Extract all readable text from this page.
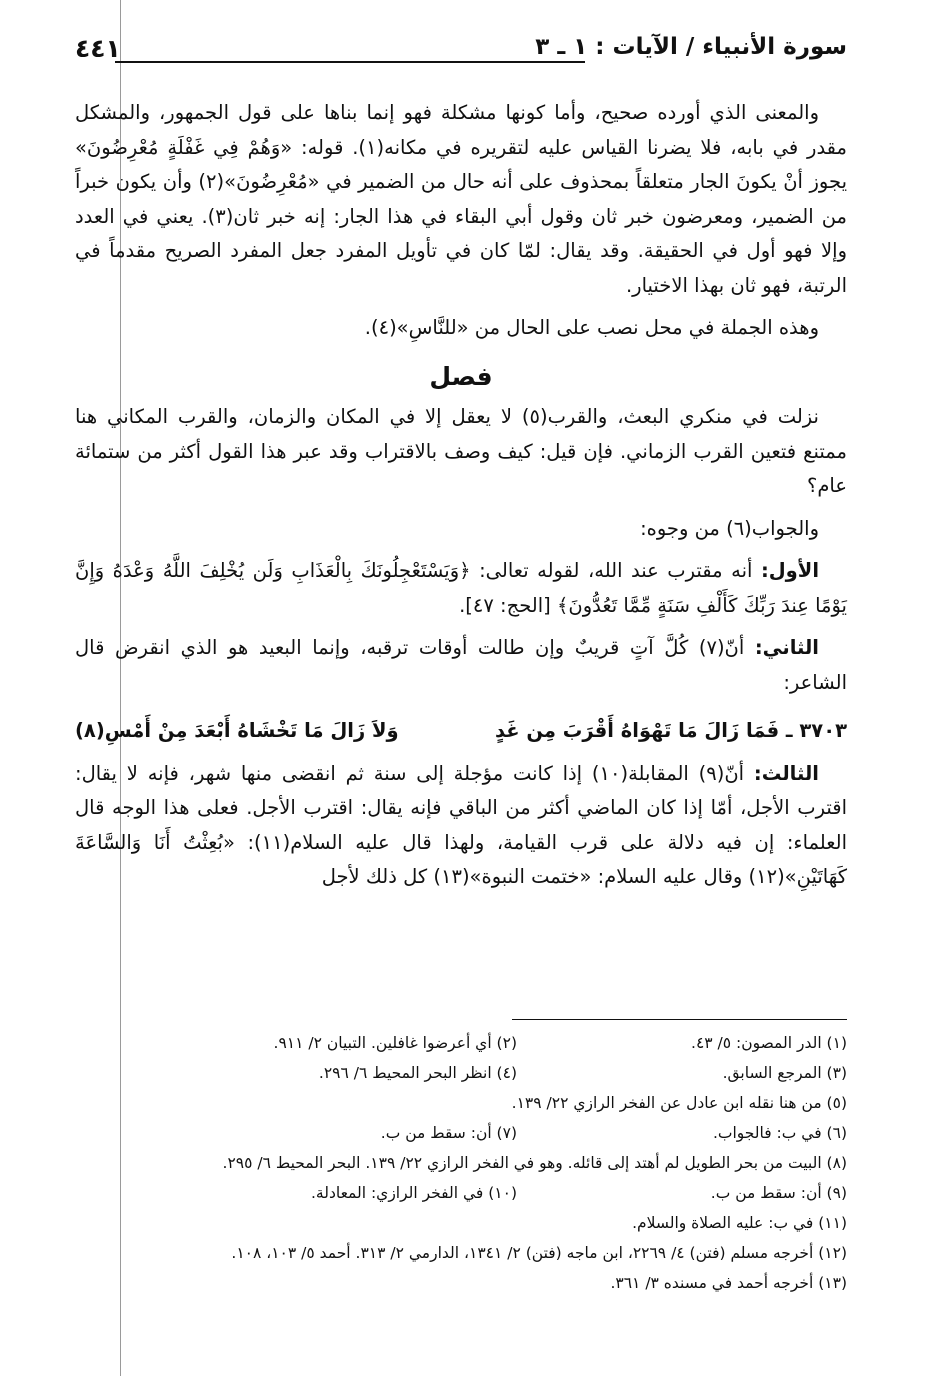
سورة الأنبياء / الآيات : ١ ـ ٣
٤٤١

والمعنى الذي أورده صحيح، وأما كونها مشكلة فهو إنما بناها على قول الجمهور، والمشكل مقدر في بابه، فلا يضرنا القياس عليه لتقريره في مكانه(١). قوله: «وَهُمْ فِي غَفْلَةٍ مُعْرِضُونَ» يجوز أنْ يكونَ الجار متعلقاً بمحذوف على أنه حال من الضمير في «مُعْرِضُونَ»(٢) وأن يكون خبراً من الضمير، ومعرضون خبر ثان وقول أبي البقاء في هذا الجار: إنه خبر ثان(٣). يعني في العدد وإلا فهو أول في الحقيقة. وقد يقال: لمّا كان في تأويل المفرد جعل المفرد الصريح مقدماً في الرتبة، فهو ثان بهذا الاختيار.

وهذه الجملة في محل نصب على الحال من «للنَّاسِ»(٤).

فصل

نزلت في منكري البعث، والقرب(٥) لا يعقل إلا في المكان والزمان، والقرب المكاني هنا ممتنع فتعين القرب الزماني. فإن قيل: كيف وصف بالاقتراب وقد عبر هذا القول أكثر من ستمائة عام؟

والجواب(٦) من وجوه:

الأول: أنه مقترب عند الله، لقوله تعالى: ﴿وَيَسْتَعْجِلُونَكَ بِالْعَذَابِ وَلَن يُخْلِفَ اللَّهُ وَعْدَهُ وَإِنَّ يَوْمًا عِندَ رَبِّكَ كَأَلْفِ سَنَةٍ مِّمَّا تَعُدُّونَ﴾ [الحج: ٤٧].

الثاني: أنّ(٧) كُلَّ آتٍ قريبٌ وإن طالت أوقات ترقبه، وإنما البعيد هو الذي انقرض قال الشاعر:

٣٧٠٣ ـ فَمَا زَالَ مَا تَهْوَاهُ أَقْرَبَ مِن غَدٍ
وَلاَ زَالَ مَا تَخْشَاهُ أَبْعَدَ مِنْ أَمْسِ(٨)

الثالث: أنّ(٩) المقابلة(١٠) إذا كانت مؤجلة إلى سنة ثم انقضى منها شهر، فإنه لا يقال: اقترب الأجل، أمّا إذا كان الماضي أكثر من الباقي فإنه يقال: اقترب الأجل. فعلى هذا الوجه قال العلماء: إن فيه دلالة على قرب القيامة، ولهذا قال عليه السلام(١١): «بُعِثْتُ أَنَا وَالسَّاعَةَ كَهَاتَيْنِ»(١٢) وقال عليه السلام: «ختمت النبوة»(١٣) كل ذلك لأجل

(١) الدر المصون: ٥/ ٤٣.
(٢) أي أعرضوا غافلين. التبيان ٢/ ٩١١.
(٣) المرجع السابق.
(٤) انظر البحر المحيط ٦/ ٢٩٦.
(٥) من هنا نقله ابن عادل عن الفخر الرازي ٢٢/ ١٣٩.
(٦) في ب: فالجواب.
(٧) أن: سقط من ب.
(٨) البيت من بحر الطويل لم أهتد إلى قائله. وهو في الفخر الرازي ٢٢/ ١٣٩. البحر المحيط ٦/ ٢٩٥.
(٩) أن: سقط من ب.
(١٠) في الفخر الرازي: المعادلة.
(١١) في ب: عليه الصلاة والسلام.
(١٢) أخرجه مسلم (فتن) ٤/ ٢٢٦٩، ابن ماجه (فتن) ٢/ ١٣٤١، الدارمي ٢/ ٣١٣. أحمد ٥/ ١٠٣، ١٠٨.
(١٣) أخرجه أحمد في مسنده ٣/ ٣٦١.
